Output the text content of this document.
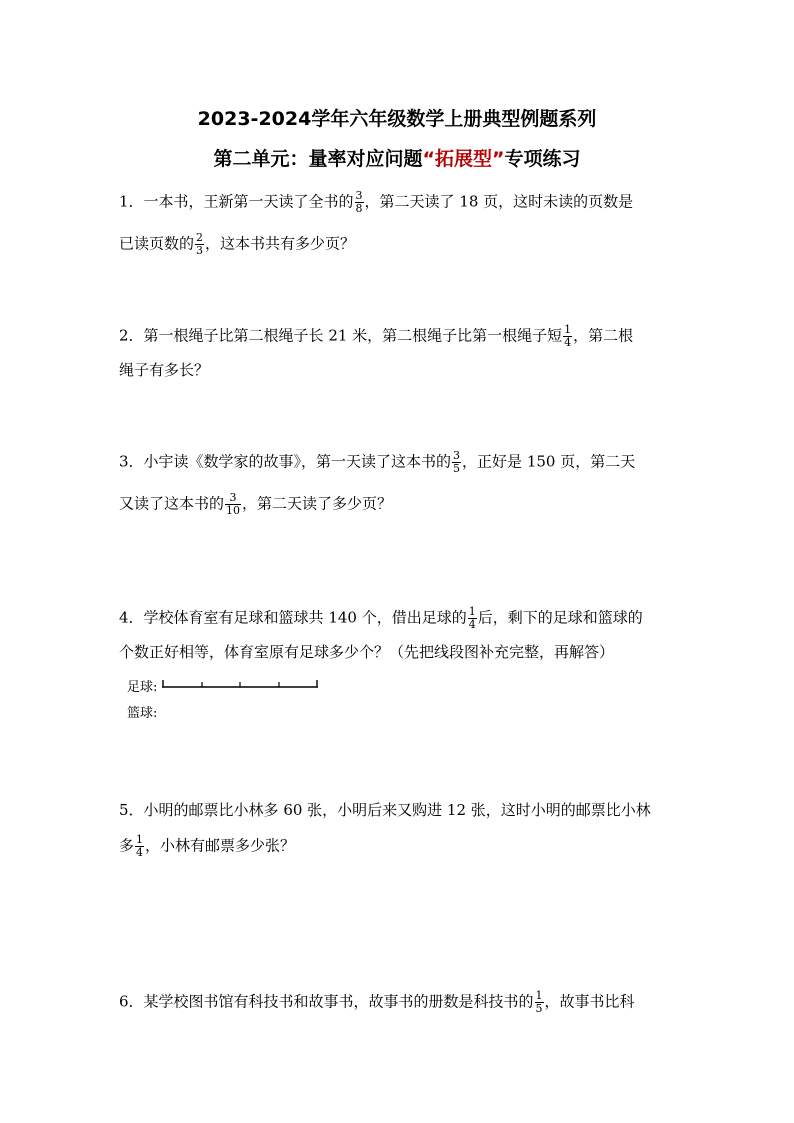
2023-2024学年六年级数学上册典型例题系列
第二单元：量率对应问题“拓展型”专项练习
1．一本书，王新第一天读了全书的 $\frac{3}{8}$ ，第二天读了 18 页，这时未读的页数是
已读页数的 $\frac{2}{3}$ ，这本书共有多少页？
2．第一根绳子比第二根绳子长 21 米，第二根绳子比第一根绳子短 $\frac{1}{4}$ ，第二根
绳子有多长？
3．小宇读《数学家的故事》，第一天读了这本书的 $\frac{3}{5}$ ，正好是 150 页，第二天
又读了这本书的 $\frac{3}{10}$ ，第二天读了多少页？
4．学校体育室有足球和篮球共 140 个，借出足球的 $\frac{1}{4}$ 后，剩下的足球和篮球的
个数正好相等，体育室原有足球多少个？（先把线段图补充完整，再解答）
足球:
篮球:
5．小明的邮票比小林多 60 张，小明后来又购进 12 张，这时小明的邮票比小林
多 $\frac{1}{4}$ ，小林有邮票多少张？
6．某学校图书馆有科技书和故事书，故事书的册数是科技书的 $\frac{1}{5}$ ，故事书比科
